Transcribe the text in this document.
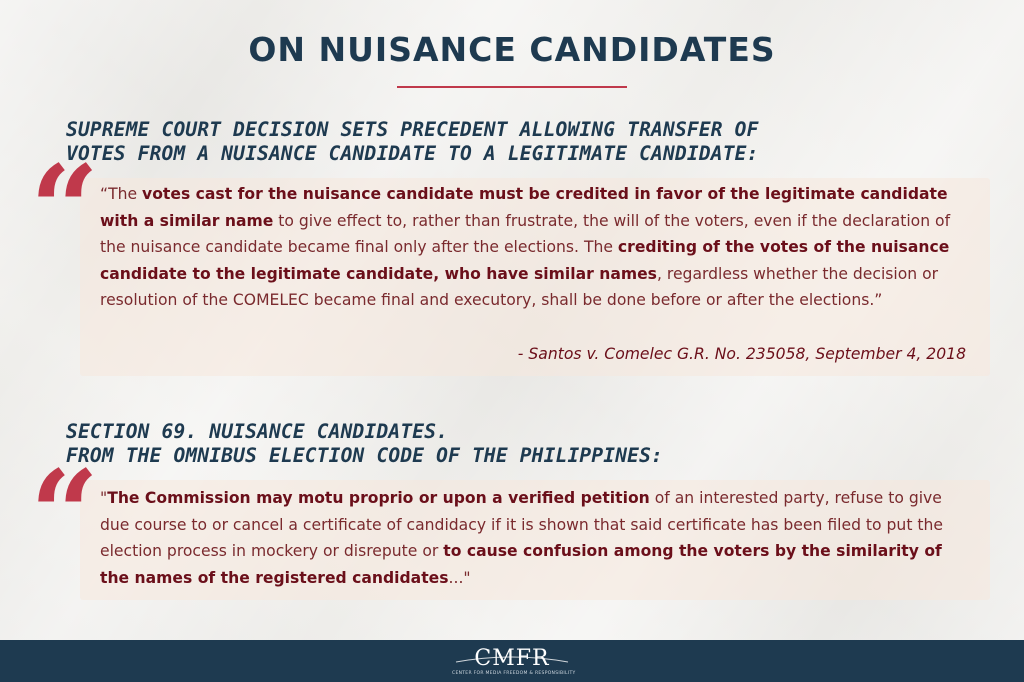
ON NUISANCE CANDIDATES
SUPREME COURT DECISION SETS PRECEDENT ALLOWING TRANSFER OF
VOTES FROM A NUISANCE CANDIDATE TO A LEGITIMATE CANDIDATE:
“ “The votes cast for the nuisance candidate must be credited in favor of the legitimate candidate with a similar name to give effect to, rather than frustrate, the will of the voters, even if the declaration of the nuisance candidate became final only after the elections. The crediting of the votes of the nuisance candidate to the legitimate candidate, who have similar names, regardless whether the decision or resolution of the COMELEC became final and executory, shall be done before or after the elections.”
- Santos v. Comelec G.R. No. 235058, September 4, 2018
SECTION 69. NUISANCE CANDIDATES.
FROM THE OMNIBUS ELECTION CODE OF THE PHILIPPINES:
“ "The Commission may motu proprio or upon a verified petition of an interested party, refuse to give due course to or cancel a certificate of candidacy if it is shown that said certificate has been filed to put the election process in mockery or disrepute or to cause confusion among the voters by the similarity of the names of the registered candidates..."
CMFR
CENTER FOR MEDIA FREEDOM & RESPONSIBILITY
